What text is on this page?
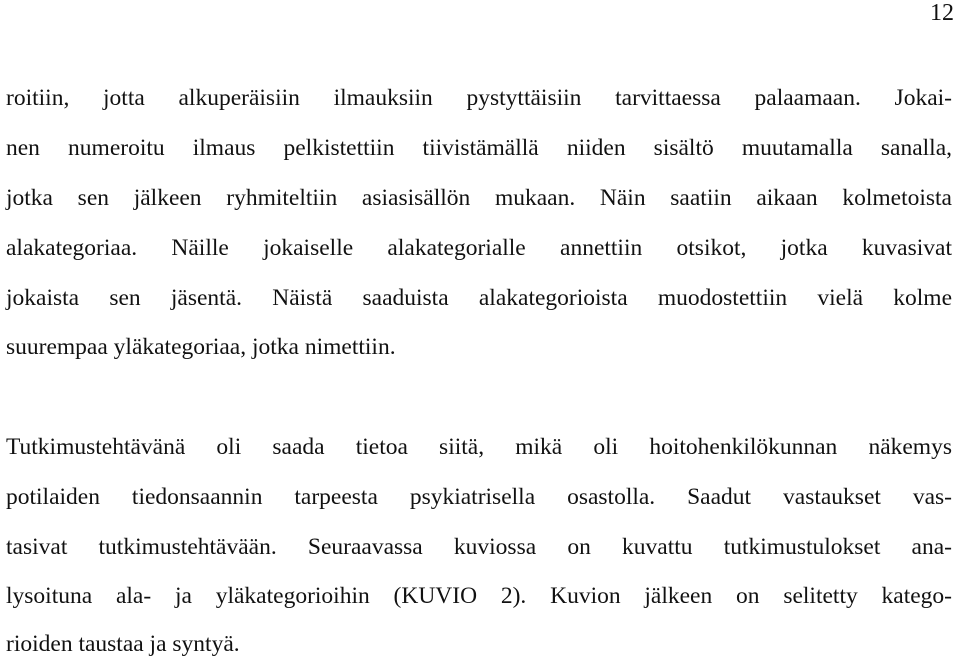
12
roitiin, jotta alkuperäisiin ilmauksiin pystyttäisiin tarvittaessa palaamaan. Jokai-
nen numeroitu ilmaus pelkistettiin tiivistämällä niiden sisältö muutamalla sanalla,
jotka sen jälkeen ryhmiteltiin asiasisällön mukaan. Näin saatiin aikaan kolmetoista
alakategoriaa. Näille jokaiselle alakategorialle annettiin otsikot, jotka kuvasivat
jokaista sen jäsentä. Näistä saaduista alakategorioista muodostettiin vielä kolme
suurempaa yläkategoriaa, jotka nimettiin.
Tutkimustehtävänä oli saada tietoa siitä, mikä oli hoitohenkilökunnan näkemys
potilaiden tiedonsaannin tarpeesta psykiatrisella osastolla. Saadut vastaukset vas-
tasivat tutkimustehtävään. Seuraavassa kuviossa on kuvattu tutkimustulokset ana-
lysoituna ala- ja yläkategorioihin (KUVIO 2). Kuvion jälkeen on selitetty katego-
rioiden taustaa ja syntyä.
